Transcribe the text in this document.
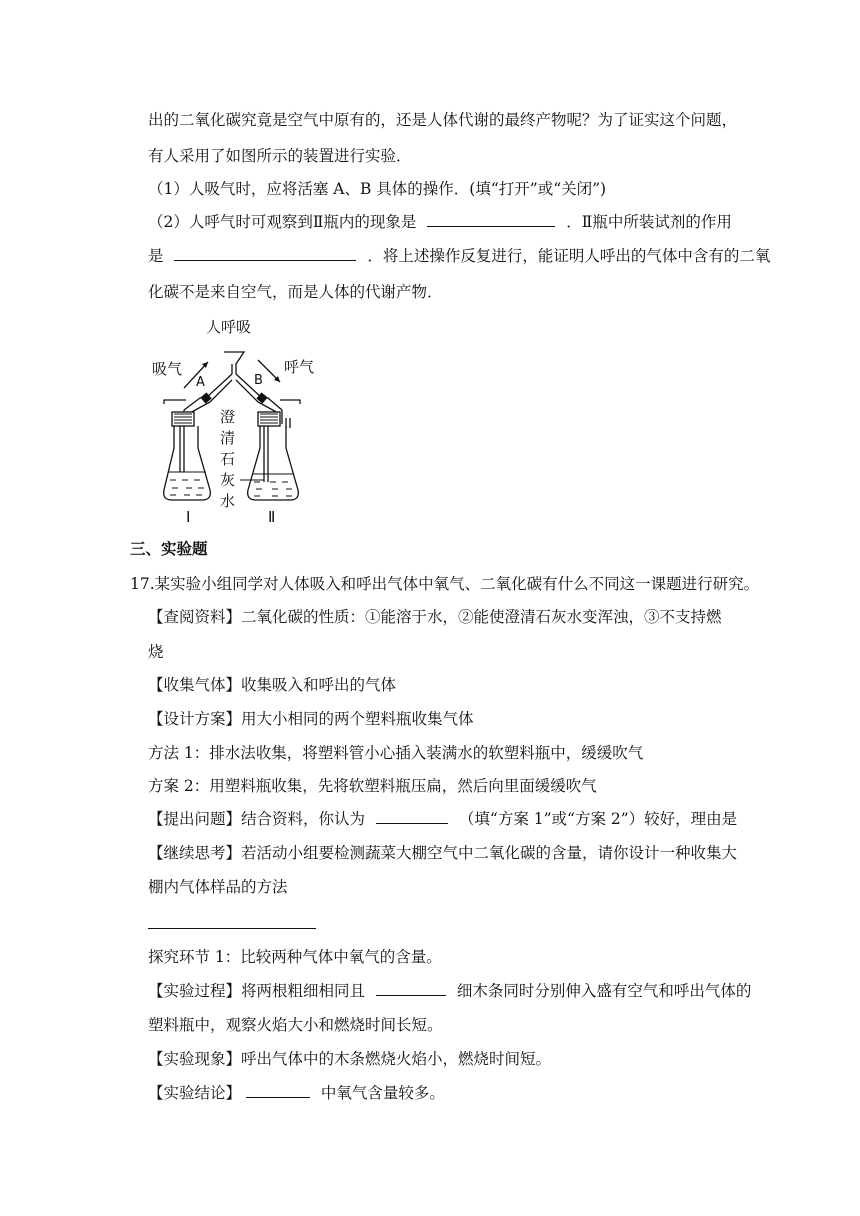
出的二氧化碳究竟是空气中原有的，还是人体代谢的最终产物呢？为了证实这个问题，
有人采用了如图所示的装置进行实验．
（1）人吸气时，应将活塞 A、B 具体的操作．(填“打开”或“关闭”)
（2）人呼气时可观察到Ⅱ瓶内的现象是	．Ⅱ瓶中所装试剂的作用
是	．将上述操作反复进行，能证明人呼出的气体中含有的二氧
化碳不是来自空气，而是人体的代谢产物．
人呼吸
吸气	呼气
A	B
澄
清
石
灰
水
Ⅰ	Ⅱ
三、实验题
17.某实验小组同学对人体吸入和呼出气体中氧气、二氧化碳有什么不同这一课题进行研究。
【查阅资料】二氧化碳的性质：①能溶于水，②能使澄清石灰水变浑浊，③不支持燃
烧
【收集气体】收集吸入和呼出的气体
【设计方案】用大小相同的两个塑料瓶收集气体
方法 1：排水法收集，将塑料管小心插入装满水的软塑料瓶中，缓缓吹气
方案 2：用塑料瓶收集，先将软塑料瓶压扁，然后向里面缓缓吹气
【提出问题】结合资料，你认为	（填“方案 1”或“方案 2”）较好，理由是
【继续思考】若活动小组要检测蔬菜大棚空气中二氧化碳的含量，请你设计一种收集大
棚内气体样品的方法
探究环节 1：比较两种气体中氧气的含量。
【实验过程】将两根粗细相同且	细木条同时分别伸入盛有空气和呼出气体的
塑料瓶中，观察火焰大小和燃烧时间长短。
【实验现象】呼出气体中的木条燃烧火焰小，燃烧时间短。
【实验结论】	中氧气含量较多。
